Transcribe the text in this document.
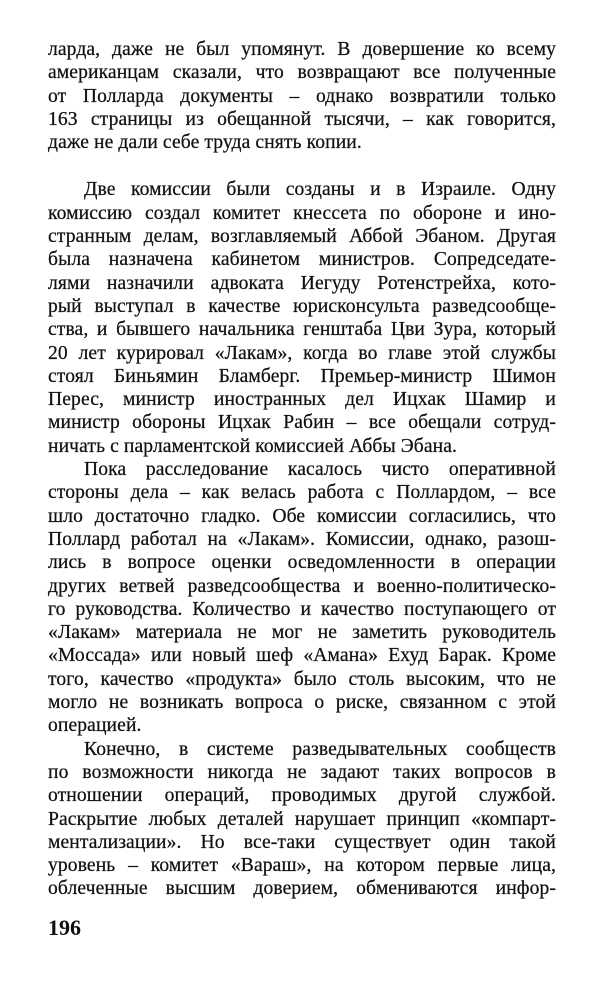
ларда, даже не был упомянут. В довершение ко всему
американцам сказали, что возвращают все полученные
от Полларда документы – однако возвратили только
163 страницы из обещанной тысячи, – как говорится,
даже не дали себе труда снять копии.
Две комиссии были созданы и в Израиле. Одну
комиссию создал комитет кнессета по обороне и ино-
странным делам, возглавляемый Аббой Эбаном. Другая
была назначена кабинетом министров. Сопредседате-
лями назначили адвоката Иегуду Ротенстрейха, кото-
рый выступал в качестве юрисконсульта разведсообще-
ства, и бывшего начальника генштаба Цви Зура, который
20 лет курировал «Лакам», когда во главе этой службы
стоял Биньямин Бламберг. Премьер-министр Шимон
Перес, министр иностранных дел Ицхак Шамир и
министр обороны Ицхак Рабин – все обещали сотруд-
ничать с парламентской комиссией Аббы Эбана.
Пока расследование касалось чисто оперативной
стороны дела – как велась работа с Поллардом, – все
шло достаточно гладко. Обе комиссии согласились, что
Поллард работал на «Лакам». Комиссии, однако, разош-
лись в вопросе оценки осведомленности в операции
других ветвей разведсообщества и военно-политическо-
го руководства. Количество и качество поступающего от
«Лакам» материала не мог не заметить руководитель
«Моссада» или новый шеф «Амана» Ехуд Барак. Кроме
того, качество «продукта» было столь высоким, что не
могло не возникать вопроса о риске, связанном с этой
операцией.
Конечно, в системе разведывательных сообществ
по возможности никогда не задают таких вопросов в
отношении операций, проводимых другой службой.
Раскрытие любых деталей нарушает принцип «компарт-
ментализации». Но все-таки существует один такой
уровень – комитет «Вараш», на котором первые лица,
облеченные высшим доверием, обмениваются инфор-
196
